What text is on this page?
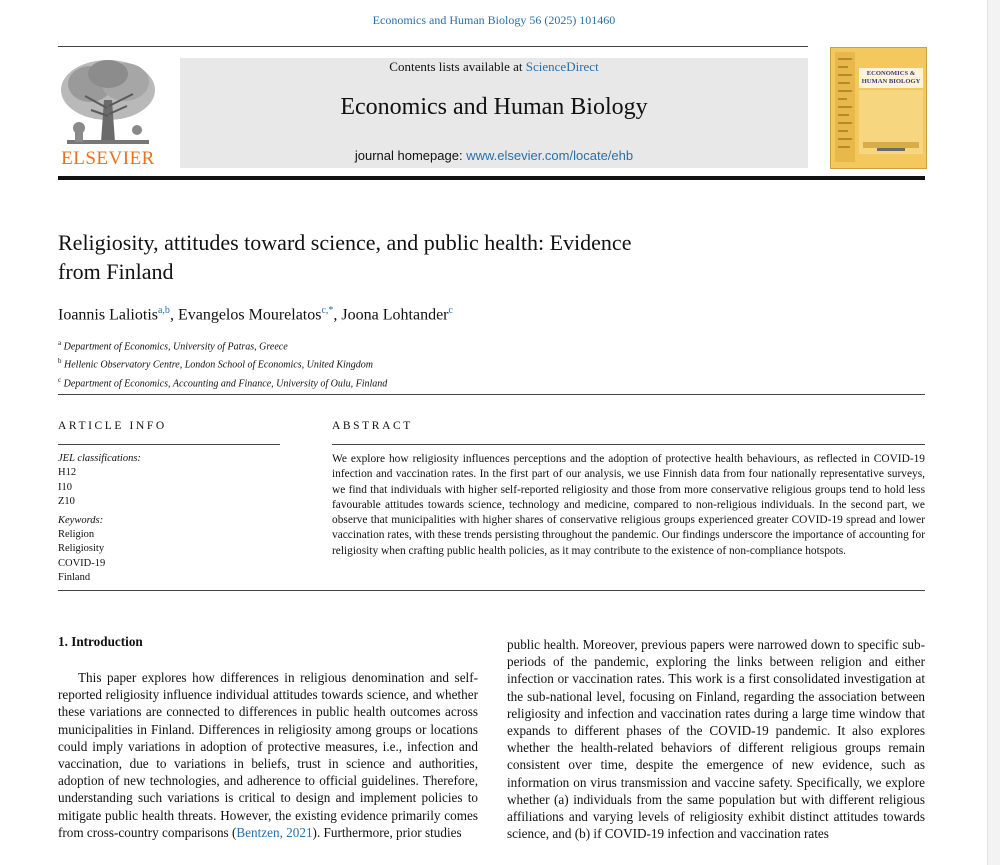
Economics and Human Biology 56 (2025) 101460
ELSEVIER
Contents lists available at ScienceDirect
Economics and Human Biology
journal homepage: www.elsevier.com/locate/ehb
ECONOMICS &
HUMAN BIOLOGY
Religiosity, attitudes toward science, and public health: Evidence
from Finland
Ioannis Laliotis$^{a,b}$, Evangelos Mourelatos$^{c,*}$, Joona Lohtander$^c$
$^a$ Department of Economics, University of Patras, Greece
$^b$ Hellenic Observatory Centre, London School of Economics, United Kingdom
$^c$ Department of Economics, Accounting and Finance, University of Oulu, Finland
ARTICLE INFO	ABSTRACT
JEL classifications:
H12
I10
Z10
Keywords:
Religion
Religiosity
COVID-19
Finland
We explore how religiosity influences perceptions and the adoption of protective health behaviours, as reflected in COVID-19 infection and vaccination rates. In the first part of our analysis, we use Finnish data from four nationally representative surveys, we find that individuals with higher self-reported religiosity and those from more conservative religious groups tend to hold less favourable attitudes towards science, technology and medicine, compared to non-religious individuals. In the second part, we observe that municipalities with higher shares of conservative religious groups experienced greater COVID-19 spread and lower vaccination rates, with these trends persisting throughout the pandemic. Our findings underscore the importance of accounting for religiosity when crafting public health policies, as it may contribute to the existence of non-compliance hotspots.
1. Introduction

This paper explores how differences in religious denomination and self-reported religiosity influence individual attitudes towards science, and whether these variations are connected to differences in public health outcomes across municipalities in Finland. Differences in religiosity among groups or locations could imply variations in adoption of protective measures, i.e., infection and vaccination, due to variations in beliefs, trust in science and authorities, adoption of new technologies, and adherence to official guidelines. Therefore, understanding such variations is critical to design and implement policies to mitigate public health threats. However, the existing evidence primarily comes from cross-country comparisons (Bentzen, 2021). Furthermore, prior studies

public health. Moreover, previous papers were narrowed down to specific sub-periods of the pandemic, exploring the links between religion and either infection or vaccination rates. This work is a first consolidated investigation at the sub-national level, focusing on Finland, regarding the association between religiosity and infection and vaccination rates during a large time window that expands to different phases of the COVID-19 pandemic. It also explores whether the health-related behaviors of different religious groups remain consistent over time, despite the emergence of new evidence, such as information on virus transmission and vaccine safety. Specifically, we explore whether (a) individuals from the same population but with different religious affiliations and varying levels of religiosity exhibit distinct attitudes towards science, and (b) if COVID-19 infection and vaccination rates
